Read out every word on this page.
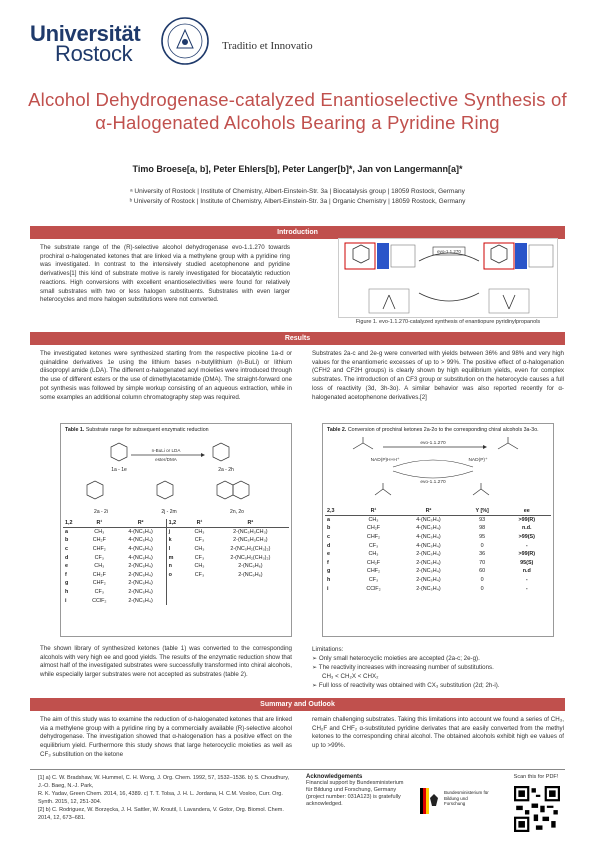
Universität
Rostock	Traditio et Innovatio
Alcohol Dehydrogenase-catalyzed Enantioselective Synthesis of α-Halogenated Alcohols Bearing a Pyridine Ring
Timo Broese[a, b], Peter Ehlers[b], Peter Langer[b]*, Jan von Langermann[a]*
ᵃ University of Rostock | Institute of Chemistry, Albert-Einstein-Str. 3a | Biocatalysis group | 18059 Rostock, Germany
ᵇ University of Rostock | Institute of Chemistry, Albert-Einstein-Str. 3a | Organic Chemistry | 18059 Rostock, Germany
Introduction
The substrate range of the (R)-selective alcohol dehydrogenase evo-1.1.270 towards prochiral α-halogenated ketones that are linked via a methylene group with a pyridine ring was investigated. In contrast to the intensively studied acetophenone and pyridine derivatives[1] this kind of substrate motive is rarely investigated for biocatalytic reduction reactions. High conversions with excellent enantioselectivities were found for relatively small substrates with two or less halogen substituents. Substrates with even larger heterocycles and more halogen substitutions were not converted.
evo-1.1.270
Figure 1. evo-1.1.270-catalyzed synthesis of enantiopure pyridinylpropanols
Results
The investigated ketones were synthesized starting from the respective picoline 1a-d or quinaldine derivatives 1e using the lithium bases n-butyllithium (n-BuLi) or lithium diisopropyl amide (LDA). The different α-halogenated acyl moieties were introduced through the use of different esters or the use of dimethylacetamide (DMA). The straight-forward one pot synthesis was followed by simple workup consisting of an aqueous extraction, while in some examples an additional column chromatography step was required.
Substrates 2a-c and 2e-g were converted with yields between 36% and 98% and very high values for the enantiomeric excesses of up to > 99%. The positive effect of α-halogenation (CFH2 and CF2H groups) is clearly shown by high equilibrium yields, even for complex substrates. The introduction of an CF3 group or substitution on the heterocycle causes a full loss of reactivity (3d, 3h-3o). A similar behavior was also reported recently for α-halogenated acetophenone derivatives.[2]
Table 1. Substrate range for subsequent enzymatic reduction
n-BuLi or LDA
ester/DMA
1a - 1e	2a - 2h
2a - 2i	2j - 2m	2n, 2o
1,2	R¹	R²	1,2	R¹	R²
a	CH₃	4-(NC₅H₄)	j	CH₃	2-(NC₅H₃CH₃)
b	CH₂F	4-(NC₅H₄)	k	CF₃	2-(NC₅H₃CH₃)
c	CHF₂	4-(NC₅H₄)	l	CH₃	2-(NC₅H₂(CH₃)₂)
d	CF₃	4-(NC₅H₄)	m	CF₃	2-(NC₅H₂(CH₃)₂)
e	CH₃	2-(NC₅H₄)	n	CH₃	2-(NC₉H₆)
f	CH₂F	2-(NC₅H₄)	o	CF₃	2-(NC₉H₆)
g	CHF₂	2-(NC₅H₄)			
h	CF₃	2-(NC₅H₄)			
i	CClF₂	2-(NC₅H₄)			
Table 2. Conversion of prochiral ketones 2a-2o to the corresponding chiral alcohols 3a-3o.
evo-1.1.270
NAD(P)H+H⁺	NAD(P)⁺
evo-1.1.270
2,3	R¹	R²	Y [%]	ee
a	CH₃	4-(NC₅H₄)	93	>99(R)
b	CH₂F	4-(NC₅H₄)	98	n.d.
c	CHF₂	4-(NC₅H₄)	95	>99(S)
d	CF₃	4-(NC₅H₄)	0	-
e	CH₃	2-(NC₅H₄)	36	>99(R)
f	CH₂F	2-(NC₅H₄)	70	95(S)
g	CHF₂	2-(NC₅H₄)	60	n.d
h	CF₃	2-(NC₅H₄)	0	-
i	CClF₂	2-(NC₅H₄)	0	-
The shown library of synthesized ketones (table 1) was converted to the corresponding alcohols with very high ee and good yields. The results of the enzymatic reduction show that almost half of the investigated substrates were successfully transformed into chiral alcohols, while especially larger substrates were not accepted as substrates (table 2).
Limitations:
➢ Only small heterocyclic moieties are accepted (2a-c; 2e-g).
➢ The reactivity increases with increasing number of substitutions.
CH₃ < CH₂X < CHX₂
➢ Full loss of reactivity was obtained with CX₃ substitution (2d; 2h-i).
Summary and Outlook
The aim of this study was to examine the reduction of α-halogenated ketones that are linked via a methylene group with a pyridine ring by a commercially available (R)-selective alcohol dehydrogenase. The investigation showed that α-halogenation has a positive effect on the equilibrium yield. Furthermore this study shows that large heterocyclic moieties as well as CF₃ substitution on the ketone
remain challenging substrates. Taking this limitations into account we found a series of CH₃, CH₂F and CHF₂ α-substituted pyridine derivates that are easily converted from the methyl ketones to the corresponding chiral alcohol. The obtained alcohols exhibit high ee values of up to >99%.
[1] a) C. W. Bradshaw, W. Hummel, C. H. Wong, J. Org. Chem. 1992, 57, 1532–1536. b) S. Choudhury, J.-O. Baeg, N.-J. Park,
R. K. Yadav, Green Chem. 2014, 16, 4389. c) T. T. Tolsa, J. H. L. Jordana, H. C.M. Vosloo, Curr. Org. Synth. 2015, 12, 251-304.
[2] b) C. Rodriguez, W. Borzęcka, J. H. Sattler, W. Kroutil, I. Lavandera, V. Gotor, Org. Biomol. Chem. 2014, 12, 673–681.
Acknowledgements
Financial support by Bundesministerium für Bildung und Forschung, Germany (project number: 031A123) is gratefully acknowledged.
Bundesministerium für Bildung und Forschung
Scan this for PDF!
